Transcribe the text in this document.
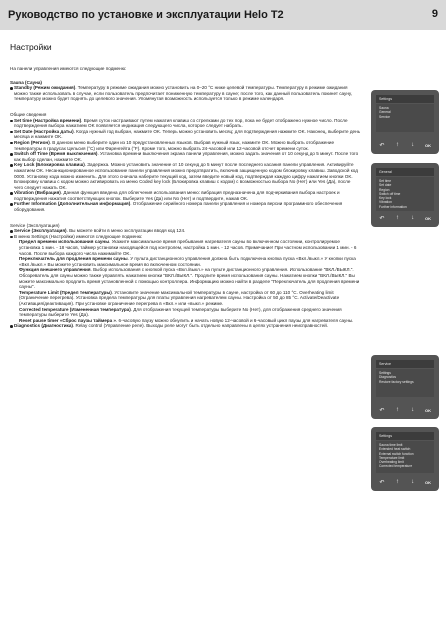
Руководство по установке и эксплуатации Helo T2	9
Настройки
На панели управления имеются следующие подменю:
Sauna (Сауна)
Standby (Режим ожидания). Температуру в режиме ожидания можно установить на 0–20 °C ниже целевой температуры. Температуру в режиме ожидания можно также использовать в случае, если пользователь предпочитает пониженную температуру в сауне; после того, как данный пользователь покинет сауну, температуру можно будет поднять до целевого значения. Упомянутая возможность используется только в режиме календаря.
Общие сведения
Set time (Настройка времени). Время суток настраивают путем нажатия клавиш со стрелками до тех пор, пока не будет отображено нужное число. После подтверждения выбора нажатием OK появляется индикация следующего числа, которое следует набрать.
Set Date (Настройка даты). Когда нужный год выбран, нажмите OK. Теперь можно установить месяц; для подтверждения нажмите OK. Наконец, выберите день месяца и нажмите OK.
Region (Регион). В данном меню выберите один из 10 предустановленных языков. Выбрав нужный язык, нажмите OK. Можно выбрать отображение температуры в градусах Цельсия (°C) или Фаренгейта (°F). Кроме того, можно выбрать 24-часовой или 12-часовой отсчет времени суток.
Switch off Time (Время выключения). Установка времени выключения экрана панели управления, можно задать значения от 10 секунд до 5 минут. После того как выбор сделан, нажмите OK.
Key Lock (Блокировка клавиш). Задержка. Можно установить значение от 10 секунд до 5 минут после последнего касания панели управления. Активируйте нажатием OK. Несанкционированное использование панели управления можно предотвратить, включив защищенную кодом блокировку клавиш. Заводской код 0000. Установку кода можно изменить. Для этого сначала наберите текущий код, затем введите новый код, подтверждая каждую цифру нажатием кнопки OK. Блокировку клавиш с кодом можно активировать из меню Coded key lock (Блокировка клавиш с кодом) с возможностью выбора No (Нет) или Yes (Да), после чего следует нажать OK.
Vibration (Вибрация). Данная функция введена для облегчения использования меню: вибрация предназначена для подчеркивания выбора настроек и подтверждения нажатия соответствующих кнопок. Выберите Yes (Да) или No (Нет) и подтвердите, нажав OK.
Further Information (Дополнительная информация). Отображение серийного номера панели управления и номера версии программного обеспечения оборудования.
Service (Эксплуатация)
Service (Эксплуатация). Вы можете войти в меню эксплуатации вводя код 124.
В меню Settings (Настройки) имеются следующие подменю:
Предел времени использования сауны. Укажите максимальное время пребывания нагревателя сауны во включенном состоянии, контролируемое установка 1 мин. - 18 часов, таймер установки находящейся под контролем, настройка 1 мин. - 12 часов. Примечание! При частном использовании 1 мин. - 6 часов. После выбора каждого числа нажимайте OK.
Переключатель для продления времени сауны. У пульта дистанционного управления должна быть подключена кнопка пуска «Вкл./выкл.» У кнопки пуска «Вкл./выкл.» Вы можете установить максимальное время во включенном состоянии.
Функция внешнего управления. Выбор использования с кнопкой пуска «Вкл./выкл.» на пульте дистанционного управления. Использование "ВКЛ./ВЫКЛ.". Обозреватель для сауны можно также управлять нажатием кнопки "ВКЛ./ВЫКЛ.". Продлите время использования сауны. Нажатием кнопки "ВКЛ./ВЫКЛ." Вы можете максимально продлить время установленной с помощью контроллера. Информацию можно найти в разделе "Переключатель для продления времени сауны".
Temperature Limit (Предел температуры). Установите значение максимальной температуры в сауне, настройка от 60 до 110 °C. Overheating limit (Ограничение перегрева). Установка предела температуры для платы управления нагревателем сауны. Настройка от 50 до 85 °C. Activate/Deactivate (Активация/деактивация). При установке ограничение перегрева в «Вкл.» или «выкл.» режиме.
Corrected temperature (Измененная температура). Для отображения текущей температуры выберите No (Нет), для отображения среднего значения температуры выберите Yes (Да).
Reset pause timer «Сброс паузы таймера ». 6-часовую паузу можно обнулить и начать новую 12-часовой и 6-часовый цикл паузы для нагревателя сауны.
Diagnostics (Диагностика). Relay control (Управление реле). Выходы реле могут быть отдельно направлены в целях устранения неисправностей.
Settings
Sauna
General
Service
↶	↑	↓	OK
General
Set time
Set date
Region
Switch off time
Key lock
Vibration
Further information
↶	↑	↓	OK
Service
Settings
Diagnostics
Restore factory settings
↶	↑	↓	OK
Settings
Sauna time limit
Extended heat switch
External switch function
Temperature limit
Overheating limit
Corrected temperature
↶	↑	↓	OK
